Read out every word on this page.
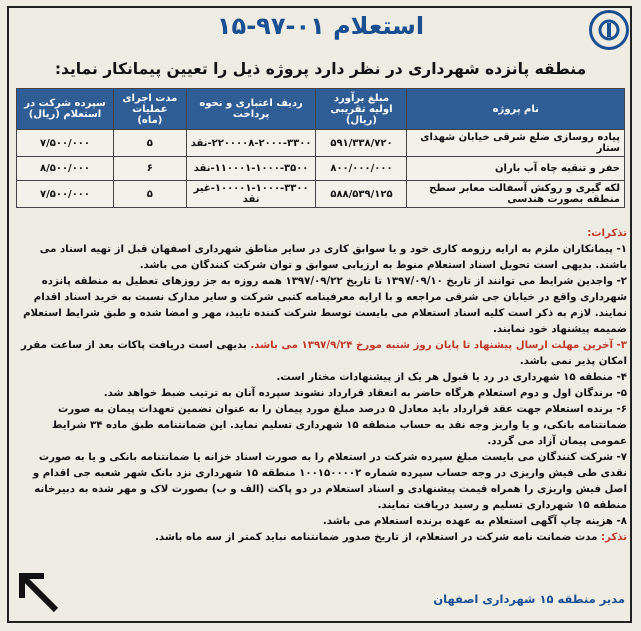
استعلام ۰۱-۹۷-۱۵
منطقه پانزده شهرداری در نظر دارد پروژه ذیل را تعیین پیمانکار نماید:
نام پروژه	مبلغ برآورد اولیه تقریبی (ریال)	ردیف اعتباری و نحوه پرداخت	مدت اجرای عملیات (ماه)	سپرده شرکت در استعلام (ریال)
پیاده روسازی ضلع شرقی خیابان شهدای ستار	۵۹۱/۳۳۸/۷۲۰	۲۲۰۰۰۰۸-۲۰۰۰-۳۳۰۰-نقد	۵	۷/۵۰۰/۰۰۰
حفر و تنقیه چاه آب باران	۸۰۰/۰۰۰/۰۰۰	۱۱۰۰۰۱-۱۰۰۰-۳۵۰۰-نقد	۶	۸/۵۰۰/۰۰۰
لکه گیری و روکش آسفالت معابر سطح منطقه بصورت هندسی	۵۸۸/۵۳۹/۱۲۵	۱۰۰۰۰۱-۱۰۰۰-۳۳۰۰-غیر نقد	۵	۷/۵۰۰/۰۰۰

تذکرات:

۱- پیمانکاران ملزم به ارایه رزومه کاری خود و یا سوابق کاری در سایر مناطق شهرداری اصفهان قبل از تهیه اسناد می باشند. بدیهی است تحویل اسناد استعلام منوط به ارزیابی سوابق و توان شرکت کنندگان می باشد.

۲- واجدین شرایط می توانند از تاریخ ۱۳۹۷/۰۹/۱۰ تا تاریخ ۱۳۹۷/۰۹/۲۲ همه روزه به جز روزهای تعطیل به منطقه پانزده شهرداری واقع در خیابان جی شرقی مراجعه و با ارایه معرفینامه کتبی شرکت و سایر مدارک نسبت به خرید اسناد اقدام نمایند. لازم به ذکر است کلیه اسناد استعلام می بایست توسط شرکت کننده تایید، مهر و امضا شده و طبق شرایط استعلام ضمیمه پیشنهاد خود نمایند.

۳- آخرین مهلت ارسال پیشنهاد تا پایان روز شنبه مورخ ۱۳۹۷/۹/۲۴ می باشد. بدیهی است دریافت پاکات بعد از ساعت مقرر امکان پذیر نمی باشد.

۴- منطقه ۱۵ شهرداری در رد یا قبول هر یک از پیشنهادات مختار است.

۵- برندگان اول و دوم استعلام هرگاه حاضر به انعقاد قرارداد نشوند سپرده آنان به ترتیب ضبط خواهد شد.

۶- برنده استعلام جهت عقد قرارداد باید معادل ۵ درصد مبلغ مورد پیمان را به عنوان تضمین تعهدات پیمان به صورت ضمانتنامه بانکی، و یا واریز وجه نقد به حساب منطقه ۱۵ شهرداری تسلیم نماید. این ضمانتنامه طبق ماده ۳۴ شرایط عمومی پیمان آزاد می گردد.

۷- شرکت کنندگان می بایست مبلغ سپرده شرکت در استعلام را به صورت اسناد خزانه یا ضمانتنامه بانکی و یا به صورت نقدی طی فیش واریزی در وجه حساب سپرده شماره ۱۰۰۱۵۰۰۰۰۲ منطقه ۱۵ شهرداری نزد بانک شهر شعبه جی اقدام و اصل فیش واریزی را همراه قیمت پیشنهادی و اسناد استعلام در دو پاکت (الف و ب) بصورت لاک و مهر شده به دبیرخانه منطقه ۱۵ شهرداری تسلیم و رسید دریافت نمایند.

۸- هزینه چاپ آگهی استعلام به عهده برنده استعلام می باشد.

تذکر: مدت ضمانت نامه شرکت در استعلام، از تاریخ صدور ضمانتنامه نباید کمتر از سه ماه باشد.

مدیر منطقه ۱۵ شهرداری اصفهان
